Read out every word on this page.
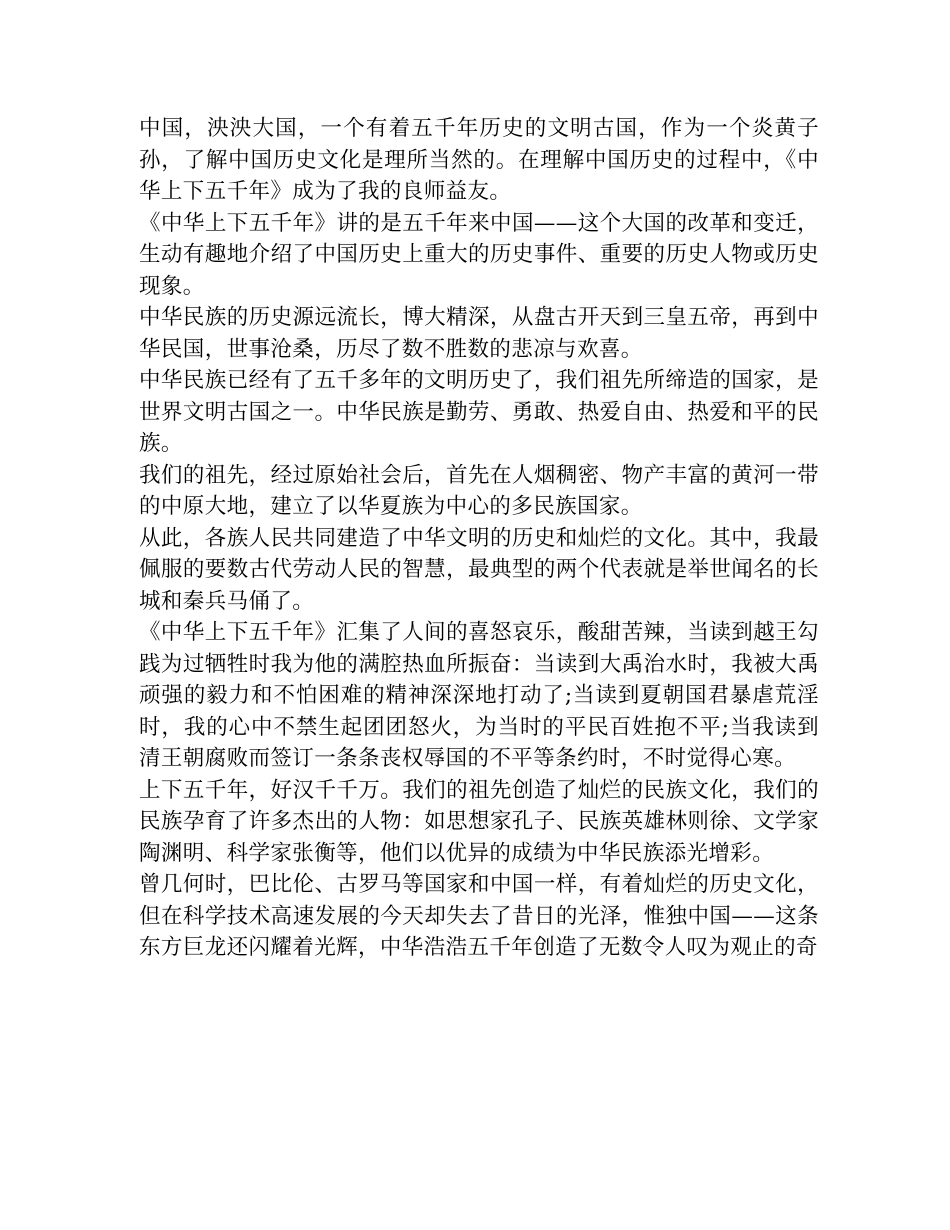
中国，泱泱大国，一个有着五千年历史的文明古国，作为一个炎黄子孙，了解中国历史文化是理所当然的。在理解中国历史的过程中，《中华上下五千年》成为了我的良师益友。

《中华上下五千年》讲的是五千年来中国——这个大国的改革和变迁，生动有趣地介绍了中国历史上重大的历史事件、重要的历史人物或历史现象。

中华民族的历史源远流长，博大精深，从盘古开天到三皇五帝，再到中华民国，世事沧桑，历尽了数不胜数的悲凉与欢喜。

中华民族已经有了五千多年的文明历史了，我们祖先所缔造的国家，是世界文明古国之一。中华民族是勤劳、勇敢、热爱自由、热爱和平的民族。

我们的祖先，经过原始社会后，首先在人烟稠密、物产丰富的黄河一带的中原大地，建立了以华夏族为中心的多民族国家。

从此，各族人民共同建造了中华文明的历史和灿烂的文化。其中，我最佩服的要数古代劳动人民的智慧，最典型的两个代表就是举世闻名的长城和秦兵马俑了。

《中华上下五千年》汇集了人间的喜怒哀乐，酸甜苦辣，当读到越王勾践为过牺牲时我为他的满腔热血所振奋：当读到大禹治水时，我被大禹顽强的毅力和不怕困难的精神深深地打动了;当读到夏朝国君暴虐荒淫时，我的心中不禁生起团团怒火，为当时的平民百姓抱不平;当我读到清王朝腐败而签订一条条丧权辱国的不平等条约时，不时觉得心寒。

上下五千年，好汉千千万。我们的祖先创造了灿烂的民族文化，我们的民族孕育了许多杰出的人物：如思想家孔子、民族英雄林则徐、文学家陶渊明、科学家张衡等，他们以优异的成绩为中华民族添光增彩。

曾几何时，巴比伦、古罗马等国家和中国一样，有着灿烂的历史文化，但在科学技术高速发展的今天却失去了昔日的光泽，惟独中国——这条东方巨龙还闪耀着光辉，中华浩浩五千年创造了无数令人叹为观止的奇
